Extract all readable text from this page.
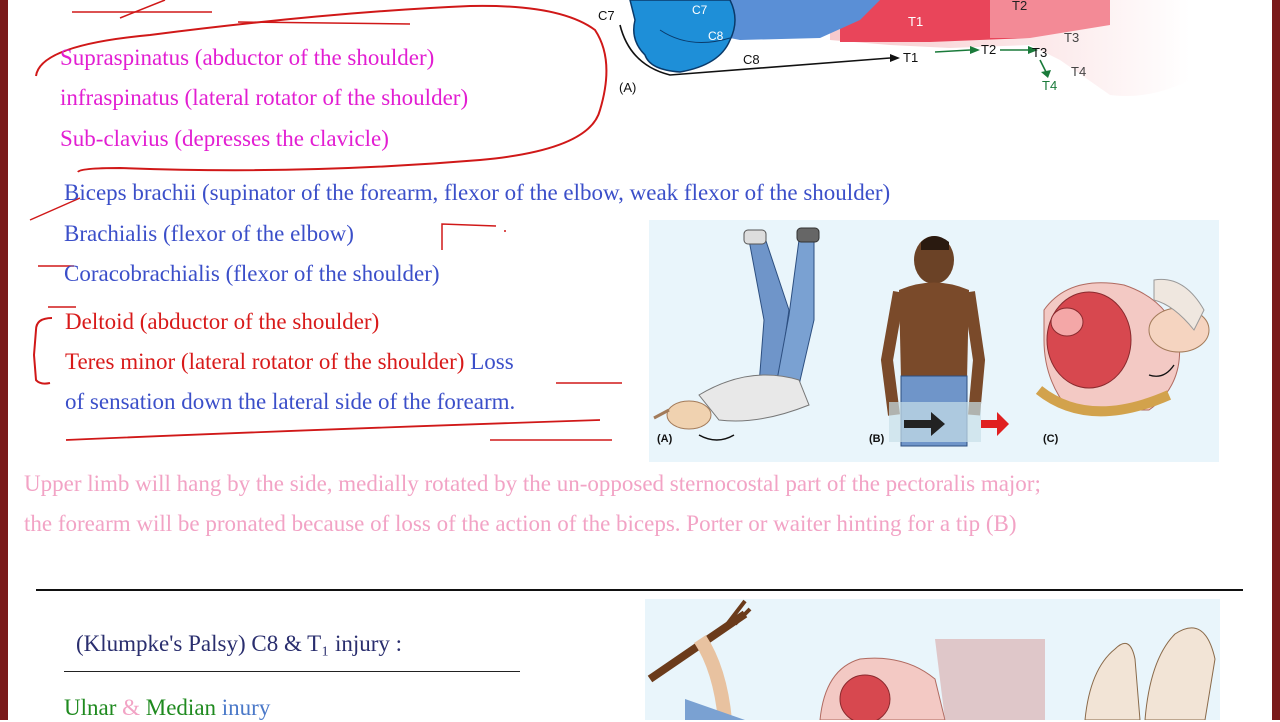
C7	C7
C8
C8
T1
T2
T1
T2	T3
T3
T4
T4
(A)
Supraspinatus (abductor of the shoulder)
infraspinatus (lateral rotator of the shoulder)
Sub-clavius (depresses the clavicle)
Biceps brachii (supinator of the forearm, flexor of the elbow, weak flexor of the shoulder)
Brachialis (flexor of the elbow)
Coracobrachialis (flexor of the shoulder)
Deltoid (abductor of the shoulder)
Teres minor (lateral rotator of the shoulder) Loss
of sensation down the lateral side of the forearm.
(A)	(B)	(C)
Upper limb will hang by the side, medially rotated by the un-opposed sternocostal part of the pectoralis major;
the forearm will be pronated because of loss of the action of the biceps. Porter or waiter hinting for a tip (B)
(Klumpke's Palsy) C8 & T₁ injury :
Ulnar & Median inury
